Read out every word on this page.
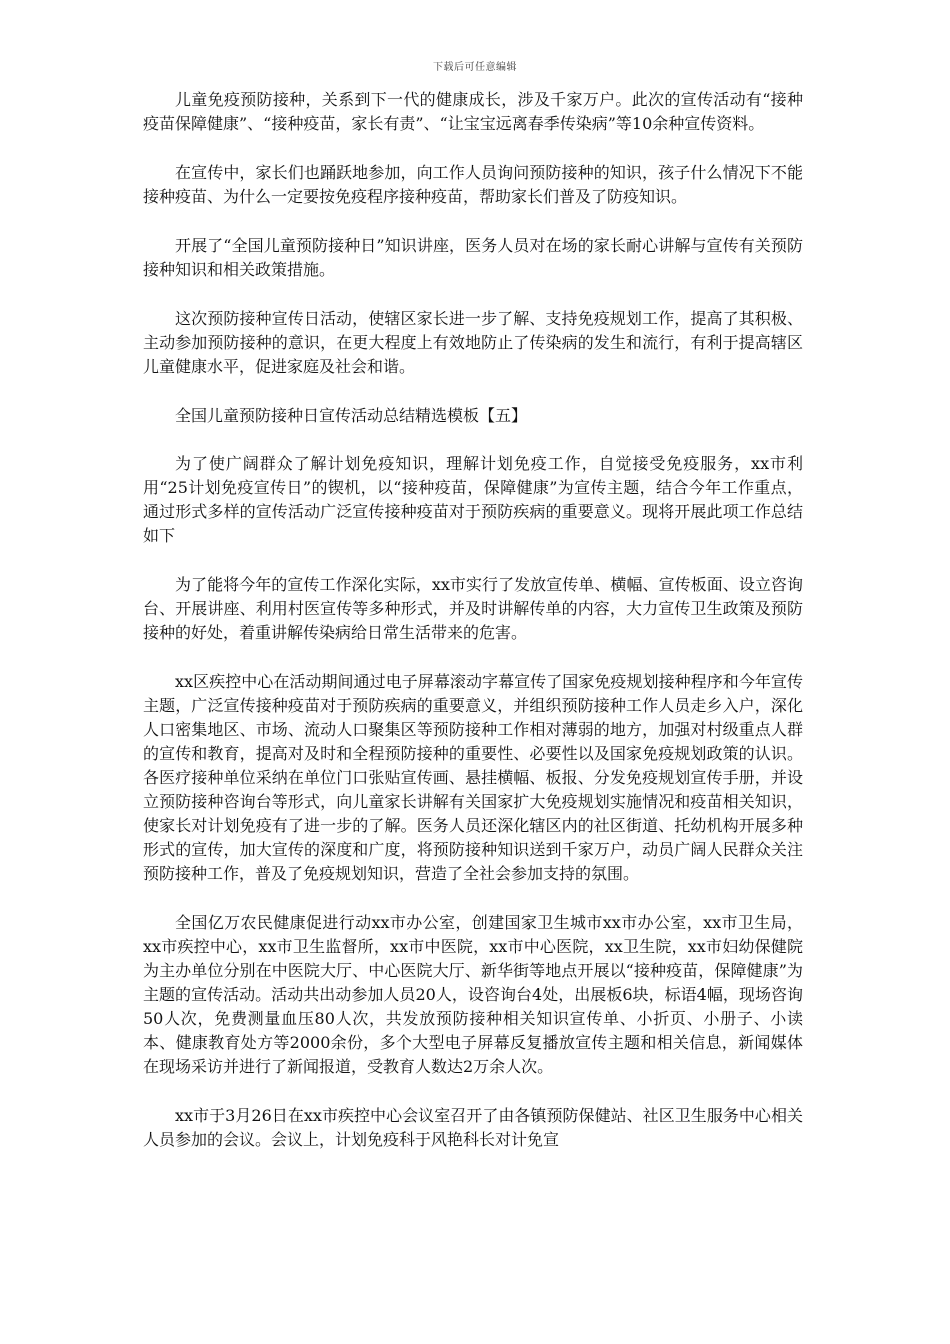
下载后可任意编辑

儿童免疫预防接种，关系到下一代的健康成长，涉及千家万户。此次的宣传活动有“接种疫苗保障健康”、“接种疫苗，家长有责”、“让宝宝远离春季传染病”等10余种宣传资料。

在宣传中，家长们也踊跃地参加，向工作人员询问预防接种的知识，孩子什么情况下不能接种疫苗、为什么一定要按免疫程序接种疫苗，帮助家长们普及了防疫知识。

开展了“全国儿童预防接种日”知识讲座，医务人员对在场的家长耐心讲解与宣传有关预防接种知识和相关政策措施。

这次预防接种宣传日活动，使辖区家长进一步了解、支持免疫规划工作，提高了其积极、主动参加预防接种的意识，在更大程度上有效地防止了传染病的发生和流行，有利于提高辖区儿童健康水平，促进家庭及社会和谐。

全国儿童预防接种日宣传活动总结精选模板【五】

为了使广阔群众了解计划免疫知识，理解计划免疫工作，自觉接受免疫服务，xx市利用“25计划免疫宣传日”的锲机，以“接种疫苗，保障健康”为宣传主题，结合今年工作重点，通过形式多样的宣传活动广泛宣传接种疫苗对于预防疾病的重要意义。现将开展此项工作总结如下

为了能将今年的宣传工作深化实际，xx市实行了发放宣传单、横幅、宣传板面、设立咨询台、开展讲座、利用村医宣传等多种形式，并及时讲解传单的内容，大力宣传卫生政策及预防接种的好处，着重讲解传染病给日常生活带来的危害。

xx区疾控中心在活动期间通过电子屏幕滚动字幕宣传了国家免疫规划接种程序和今年宣传主题，广泛宣传接种疫苗对于预防疾病的重要意义，并组织预防接种工作人员走乡入户，深化人口密集地区、市场、流动人口聚集区等预防接种工作相对薄弱的地方，加强对村级重点人群的宣传和教育，提高对及时和全程预防接种的重要性、必要性以及国家免疫规划政策的认识。各医疗接种单位采纳在单位门口张贴宣传画、悬挂横幅、板报、分发免疫规划宣传手册，并设立预防接种咨询台等形式，向儿童家长讲解有关国家扩大免疫规划实施情况和疫苗相关知识，使家长对计划免疫有了进一步的了解。医务人员还深化辖区内的社区街道、托幼机构开展多种形式的宣传，加大宣传的深度和广度，将预防接种知识送到千家万户，动员广阔人民群众关注预防接种工作，普及了免疫规划知识，营造了全社会参加支持的氛围。

全国亿万农民健康促进行动xx市办公室，创建国家卫生城市xx市办公室，xx市卫生局，xx市疾控中心，xx市卫生监督所，xx市中医院，xx市中心医院，xx卫生院，xx市妇幼保健院为主办单位分别在中医院大厅、中心医院大厅、新华街等地点开展以“接种疫苗，保障健康”为主题的宣传活动。活动共出动参加人员20人，设咨询台4处，出展板6块，标语4幅，现场咨询50人次，免费测量血压80人次，共发放预防接种相关知识宣传单、小折页、小册子、小读本、健康教育处方等2000余份，多个大型电子屏幕反复播放宣传主题和相关信息，新闻媒体在现场采访并进行了新闻报道，受教育人数达2万余人次。

xx市于3月26日在xx市疾控中心会议室召开了由各镇预防保健站、社区卫生服务中心相关人员参加的会议。会议上，计划免疫科于风艳科长对计免宣
